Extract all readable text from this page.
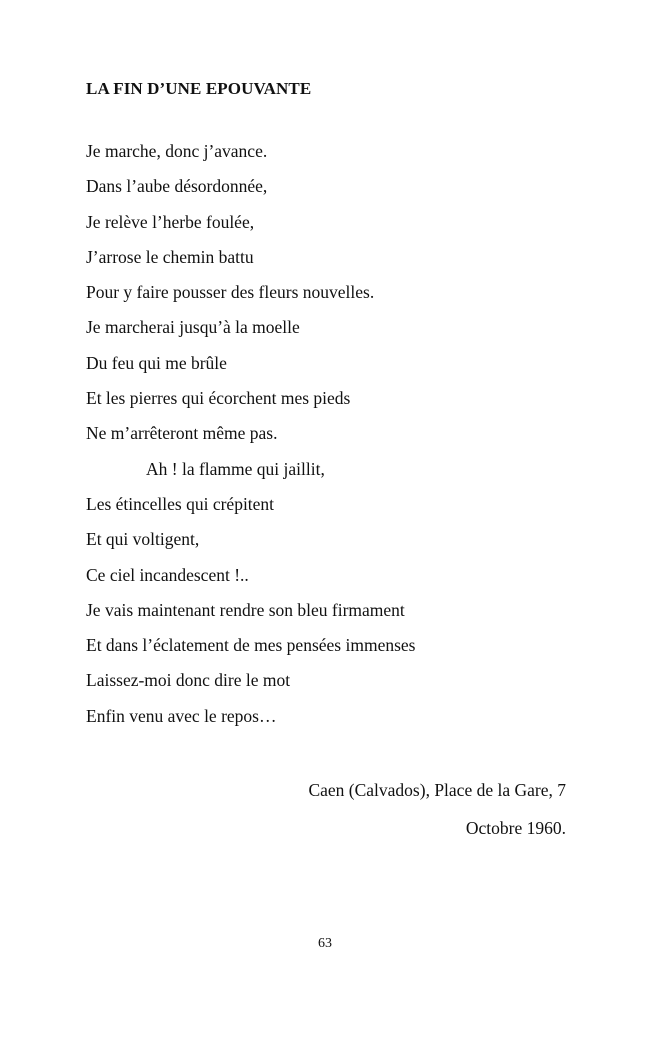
LA FIN D’UNE EPOUVANTE
Je marche, donc j’avance.
Dans l’aube désordonnée,
Je relève l’herbe foulée,
J’arrose le chemin battu
Pour y faire pousser des fleurs nouvelles.
Je marcherai jusqu’à la moelle
Du feu qui me brûle
Et les pierres qui écorchent mes pieds
Ne m’arrêteront même pas.
Ah ! la flamme qui jaillit,
Les étincelles qui crépitent
Et qui voltigent,
Ce ciel incandescent !..
Je vais maintenant rendre son bleu firmament
Et dans l’éclatement de mes pensées immenses
Laissez-moi donc dire le mot
Enfin venu avec le repos…
Caen (Calvados), Place de la Gare, 7
Octobre 1960.
63
